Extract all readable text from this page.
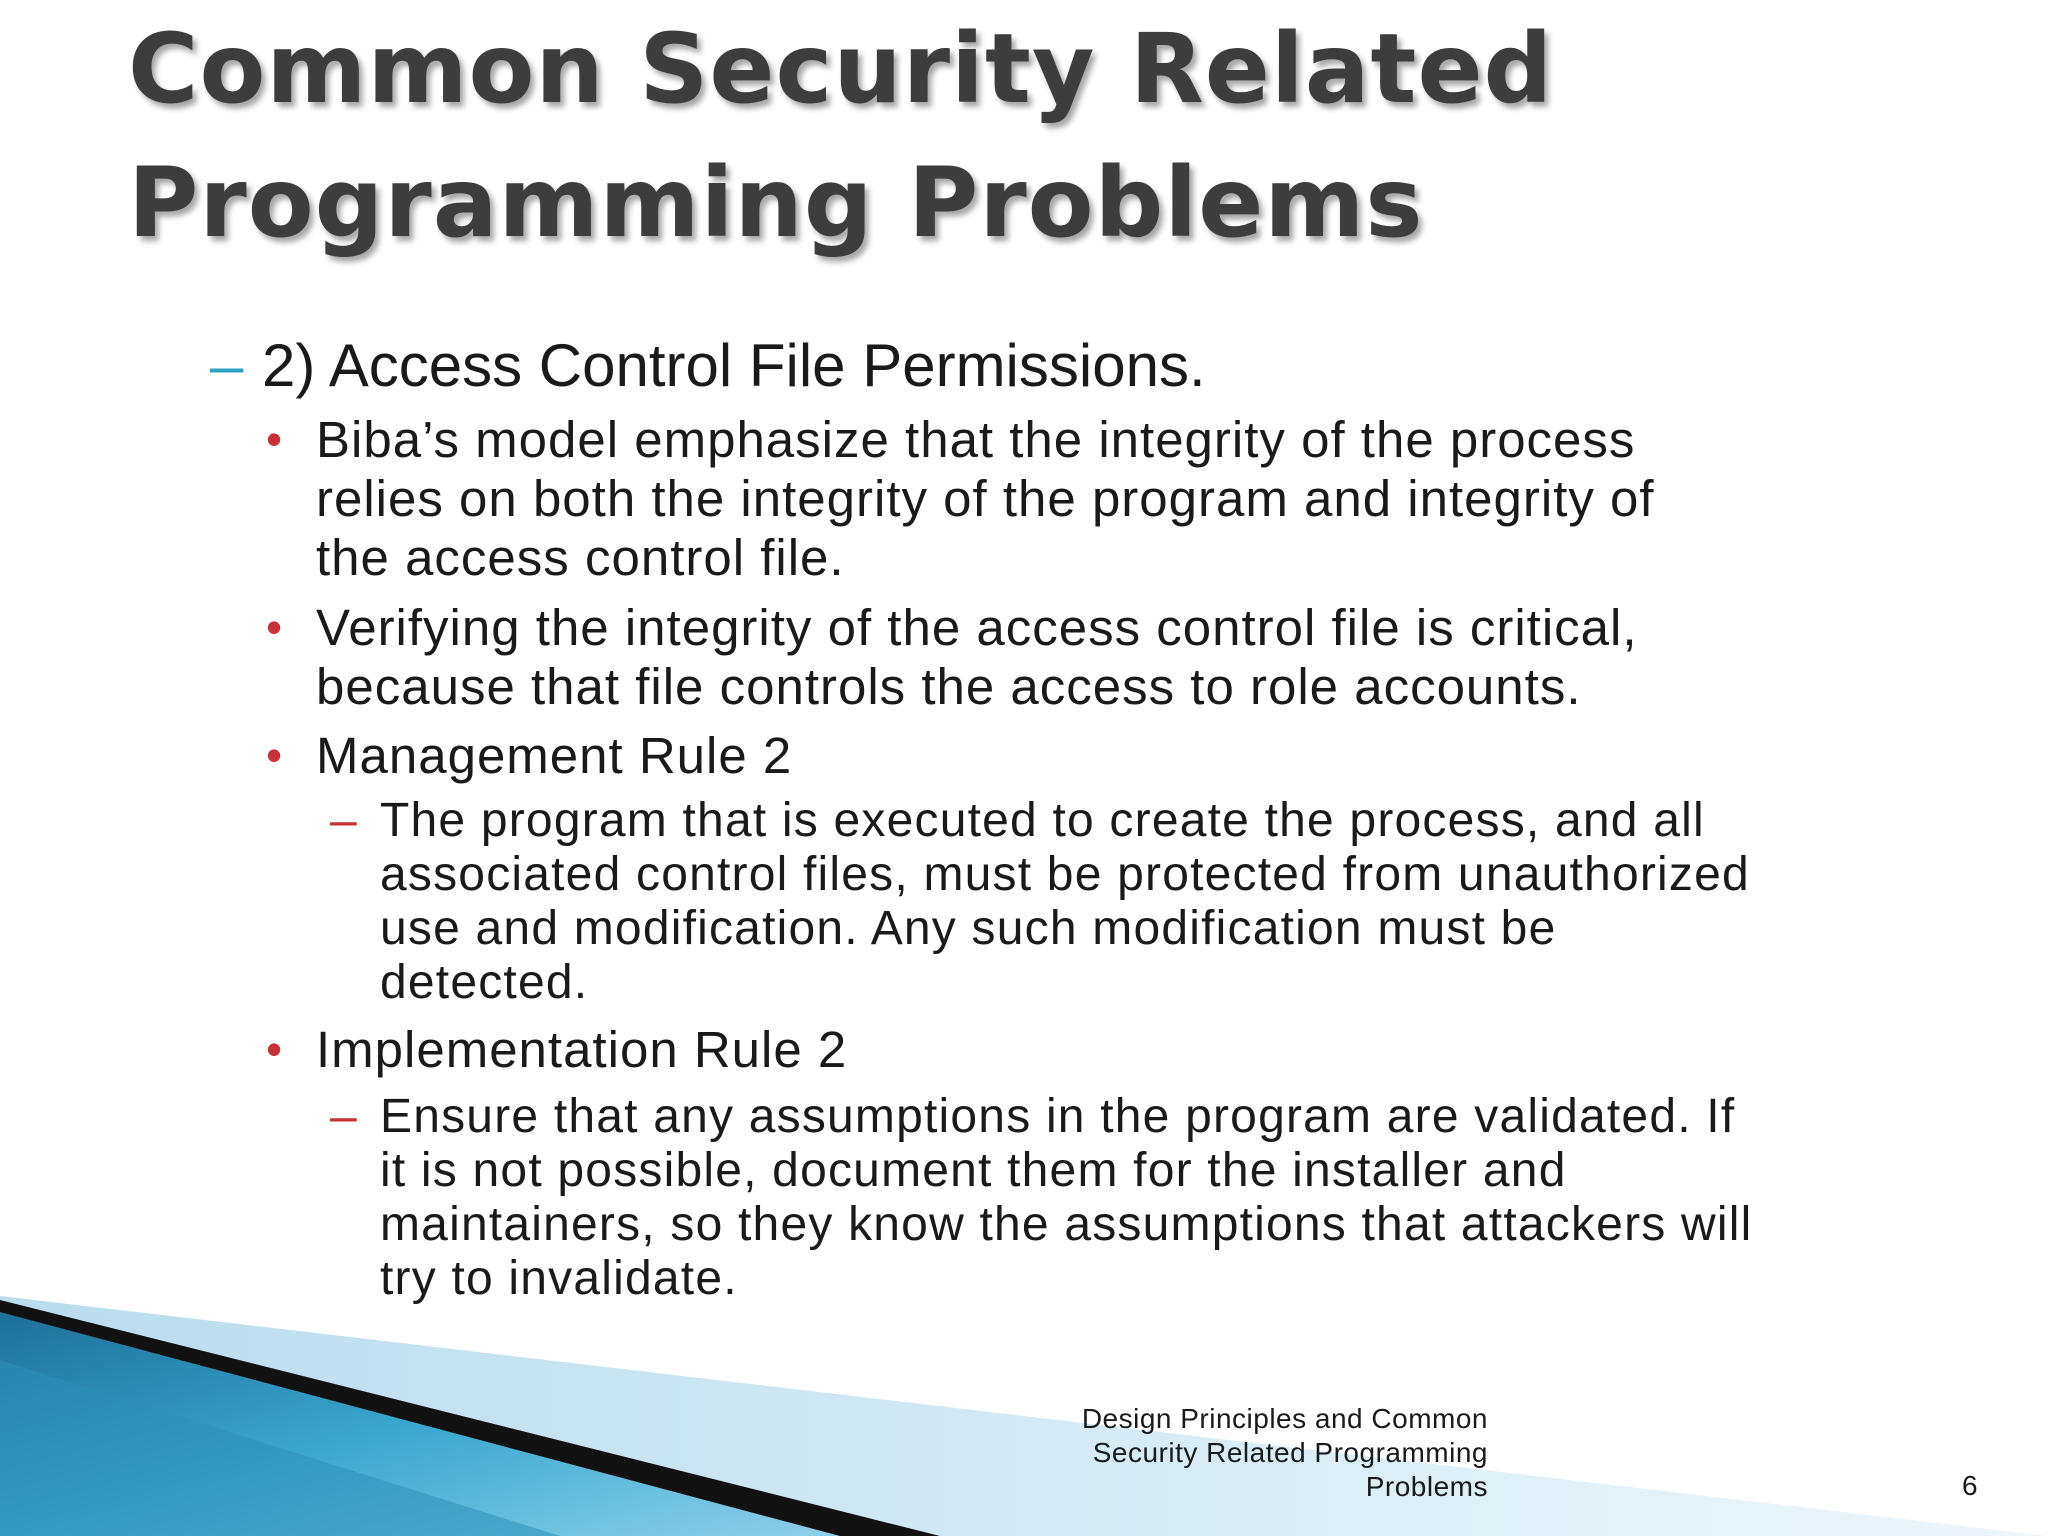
Common Security Related
Programming Problems
– 2) Access Control File Permissions.
• Biba’s model emphasize that the integrity of the process
relies on both the integrity of the program and integrity of
the access control file.
• Verifying the integrity of the access control file is critical,
because that file controls the access to role accounts.
• Management Rule 2
– The program that is executed to create the process, and all
associated control files, must be protected from unauthorized
use and modification. Any such modification must be
detected.
• Implementation Rule 2
– Ensure that any assumptions in the program are validated. If
it is not possible, document them for the installer and
maintainers, so they know the assumptions that attackers will
try to invalidate.
Design Principles and Common
Security Related Programming
Problems	6
